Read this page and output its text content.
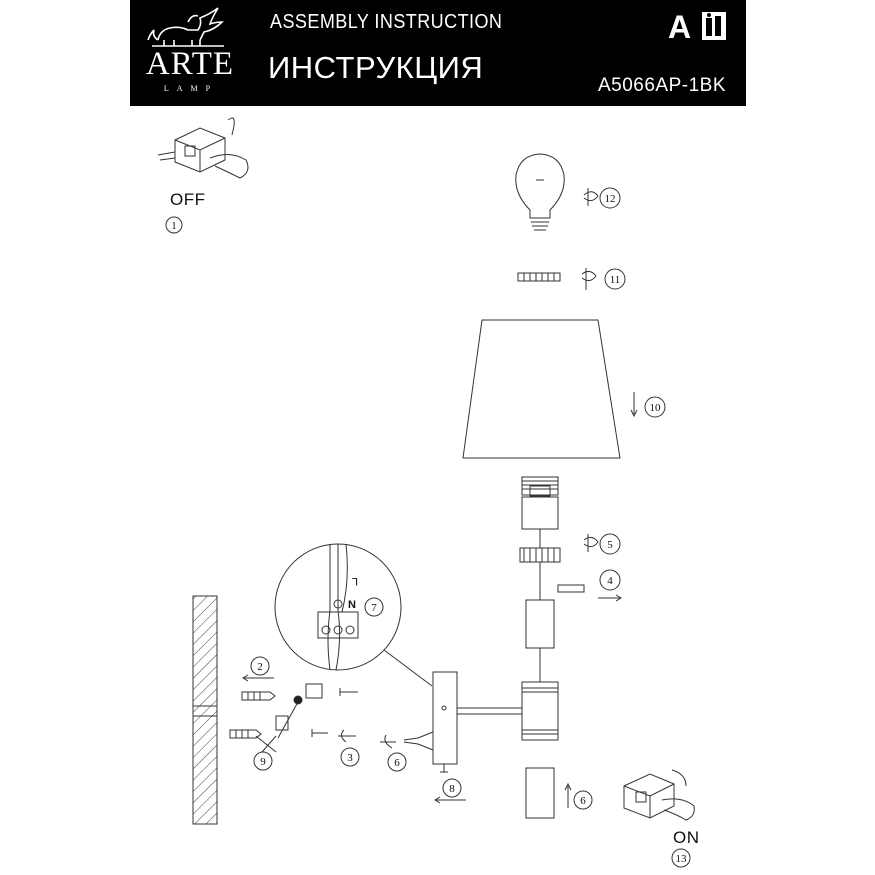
ARTE
LAMP
ASSEMBLY INSTRUCTION
ИНСТРУКЦИЯ
A
A5066AP-1BK
OFF
ON
1
12
11
10
5
4
7
2
9	3	6
8
6
13
L
N
